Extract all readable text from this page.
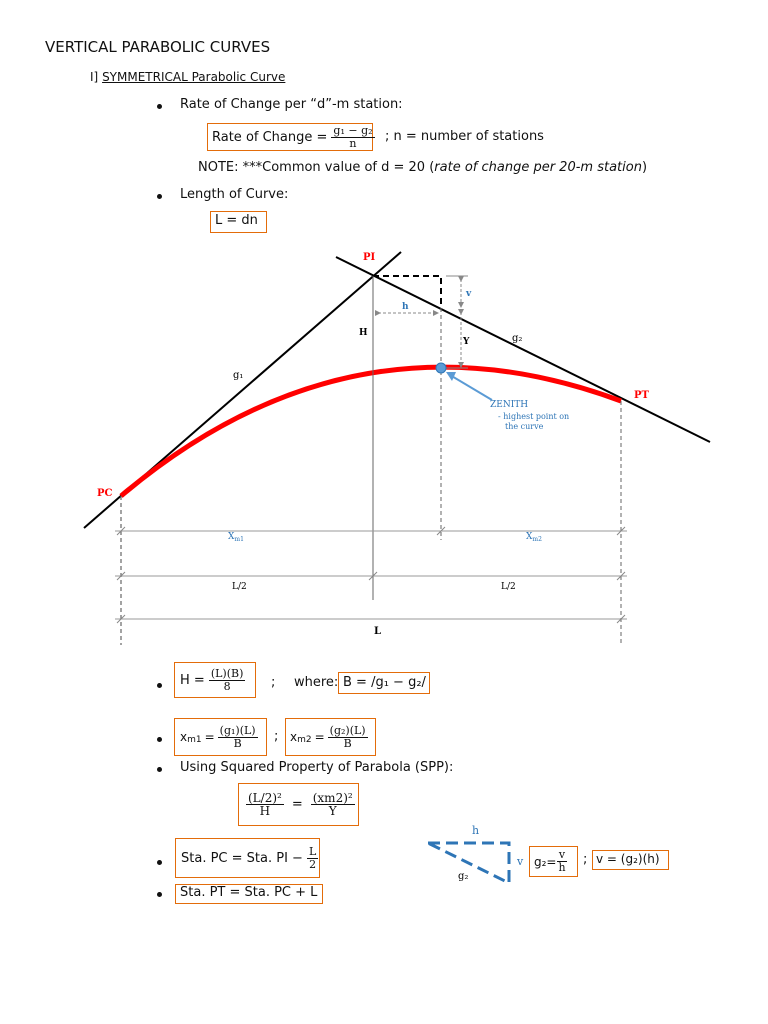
VERTICAL PARABOLIC CURVES
I] SYMMETRICAL Parabolic Curve
Rate of Change per “d”-m station:
Rate of Change = $\frac{\text{g₁ − g₂}}{n}$ ; n = number of stations
NOTE: ***Common value of d = 20 (rate of change per 20-m station)
Length of Curve:
L = dn
PI
PC
PT
H
Y
v
h
g₁
g₂
ZENITH
- highest point on
the curve
$X_{m1}$	$X_{m2}$
L/2	L/2
L
h
v
g₂
$H = \frac{(L)(B)}{8}$ ; where: B = /g₁ − g₂/
x $m1 = \frac{\text{(g₁)(L)}}{B}$ ; x $m2 = \frac{\text{(g₂)(L)}}{B}$
Using Squared Property of Parabola (SPP):
$\frac{\text{(L/2)²}}{H} = \frac{\text{(xm2)²}}{Y}$
Sta. PC = Sta. PI − $\frac{L}{2}$	$g_2= \frac{v}{h}$ ; v = (g₂)(h)
Sta. PT = Sta. PC + L
